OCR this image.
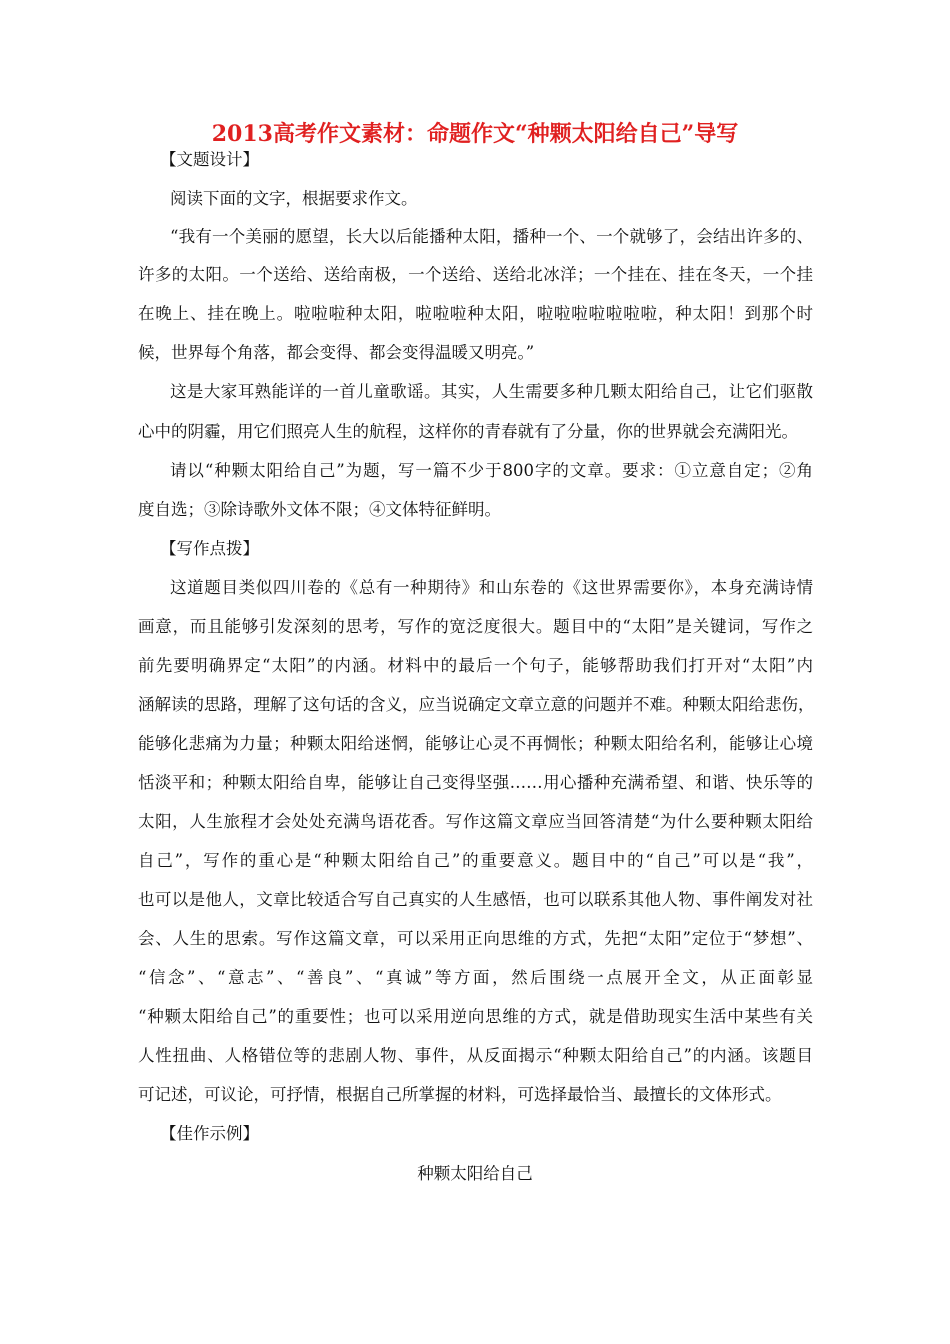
2013高考作文素材：命题作文“种颗太阳给自己”导写
【文题设计】
阅读下面的文字，根据要求作文。
“我有一个美丽的愿望，长大以后能播种太阳，播种一个、一个就够了，会结出许多的、
许多的太阳。一个送给、送给南极，一个送给、送给北冰洋；一个挂在、挂在冬天，一个挂
在晚上、挂在晚上。啦啦啦种太阳，啦啦啦种太阳，啦啦啦啦啦啦啦，种太阳！到那个时
候，世界每个角落，都会变得、都会变得温暖又明亮。”
这是大家耳熟能详的一首儿童歌谣。其实，人生需要多种几颗太阳给自己，让它们驱散
心中的阴霾，用它们照亮人生的航程，这样你的青春就有了分量，你的世界就会充满阳光。
请以“种颗太阳给自己”为题，写一篇不少于800字的文章。要求：①立意自定；②角
度自选；③除诗歌外文体不限；④文体特征鲜明。
【写作点拨】
这道题目类似四川卷的《总有一种期待》和山东卷的《这世界需要你》，本身充满诗情
画意，而且能够引发深刻的思考，写作的宽泛度很大。题目中的“太阳”是关键词，写作之
前先要明确界定“太阳”的内涵。材料中的最后一个句子，能够帮助我们打开对“太阳”内
涵解读的思路，理解了这句话的含义，应当说确定文章立意的问题并不难。种颗太阳给悲伤，
能够化悲痛为力量；种颗太阳给迷惘，能够让心灵不再惆怅；种颗太阳给名利，能够让心境
恬淡平和；种颗太阳给自卑，能够让自己变得坚强……用心播种充满希望、和谐、快乐等的
太阳，人生旅程才会处处充满鸟语花香。写作这篇文章应当回答清楚“为什么要种颗太阳给
自己”，写作的重心是“种颗太阳给自己”的重要意义。题目中的“自己”可以是“我”，
也可以是他人，文章比较适合写自己真实的人生感悟，也可以联系其他人物、事件阐发对社
会、人生的思索。写作这篇文章，可以采用正向思维的方式，先把“太阳”定位于“梦想”、
“信念”、“意志”、“善良”、“真诚”等方面，然后围绕一点展开全文，从正面彰显
“种颗太阳给自己”的重要性；也可以采用逆向思维的方式，就是借助现实生活中某些有关
人性扭曲、人格错位等的悲剧人物、事件，从反面揭示“种颗太阳给自己”的内涵。该题目
可记述，可议论，可抒情，根据自己所掌握的材料，可选择最恰当、最擅长的文体形式。
【佳作示例】
种颗太阳给自己
